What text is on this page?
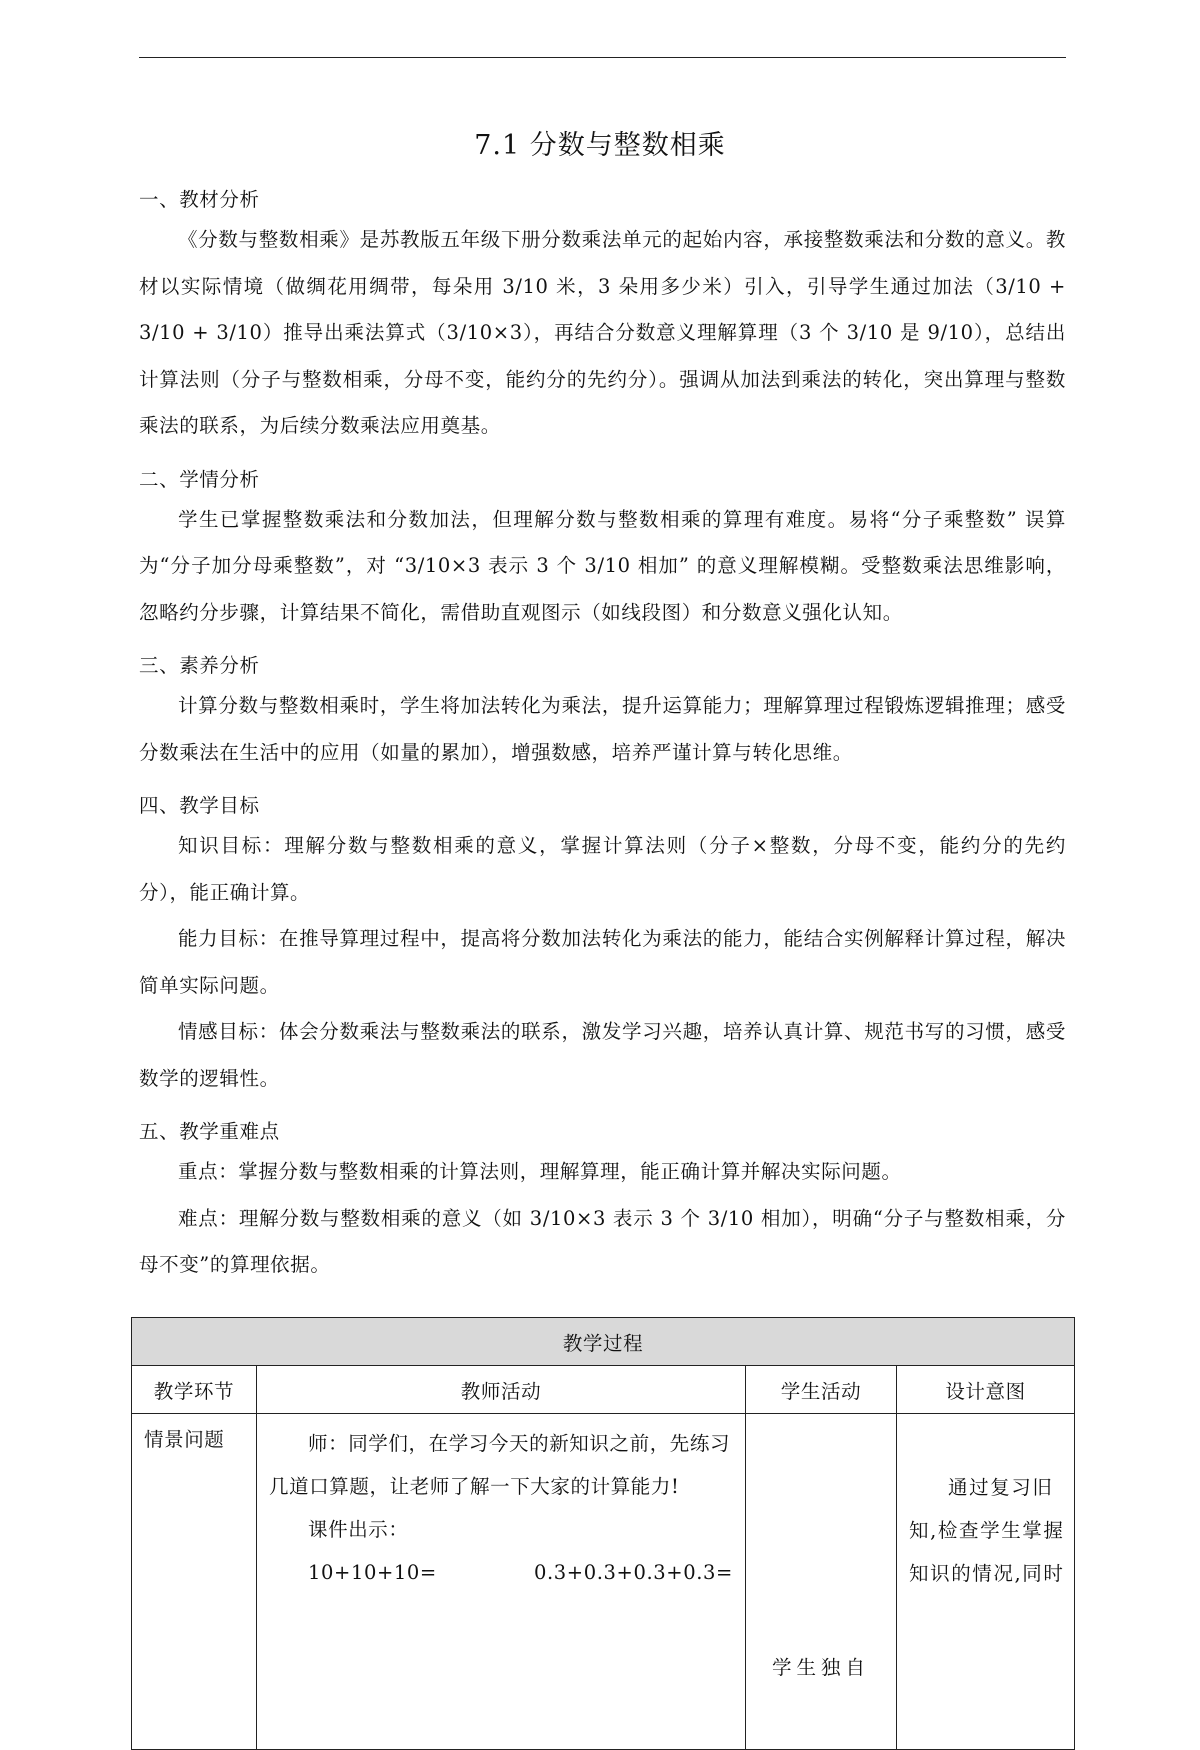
7.1 分数与整数相乘

一、教材分析

《分数与整数相乘》是苏教版五年级下册分数乘法单元的起始内容，承接整数乘法和分数的意义。教材以实际情境（做绸花用绸带，每朵用 3/10 米，3 朵用多少米）引入，引导学生通过加法（3/10 + 3/10 + 3/10）推导出乘法算式（3/10×3），再结合分数意义理解算理（3 个 3/10 是 9/10），总结出计算法则（分子与整数相乘，分母不变，能约分的先约分）。强调从加法到乘法的转化，突出算理与整数乘法的联系，为后续分数乘法应用奠基。

二、学情分析

学生已掌握整数乘法和分数加法，但理解分数与整数相乘的算理有难度。易将“分子乘整数” 误算为“分子加分母乘整数”，对 “3/10×3 表示 3 个 3/10 相加” 的意义理解模糊。受整数乘法思维影响，忽略约分步骤，计算结果不简化，需借助直观图示（如线段图）和分数意义强化认知。

三、素养分析

计算分数与整数相乘时，学生将加法转化为乘法，提升运算能力；理解算理过程锻炼逻辑推理；感受分数乘法在生活中的应用（如量的累加），增强数感，培养严谨计算与转化思维。

四、教学目标

知识目标：理解分数与整数相乘的意义，掌握计算法则（分子×整数，分母不变，能约分的先约分），能正确计算。

能力目标：在推导算理过程中，提高将分数加法转化为乘法的能力，能结合实例解释计算过程，解决简单实际问题。

情感目标：体会分数乘法与整数乘法的联系，激发学习兴趣，培养认真计算、规范书写的习惯，感受数学的逻辑性。

五、教学重难点

重点：掌握分数与整数相乘的计算法则，理解算理，能正确计算并解决实际问题。

难点：理解分数与整数相乘的意义（如 3/10×3 表示 3 个 3/10 相加），明确“分子与整数相乘，分母不变”的算理依据。

教学过程			
教学环节	教师活动	学生活动	设计意图
情景问题	师：同学们，在学习今天的新知识之前，先练习几道口算题，让老师了解一下大家的计算能力!

课件出示：

10+10+10= 0.3+0.3+0.3+0.3=	学生独自	通过复习旧知,检查学生掌握知识的情况,同时
